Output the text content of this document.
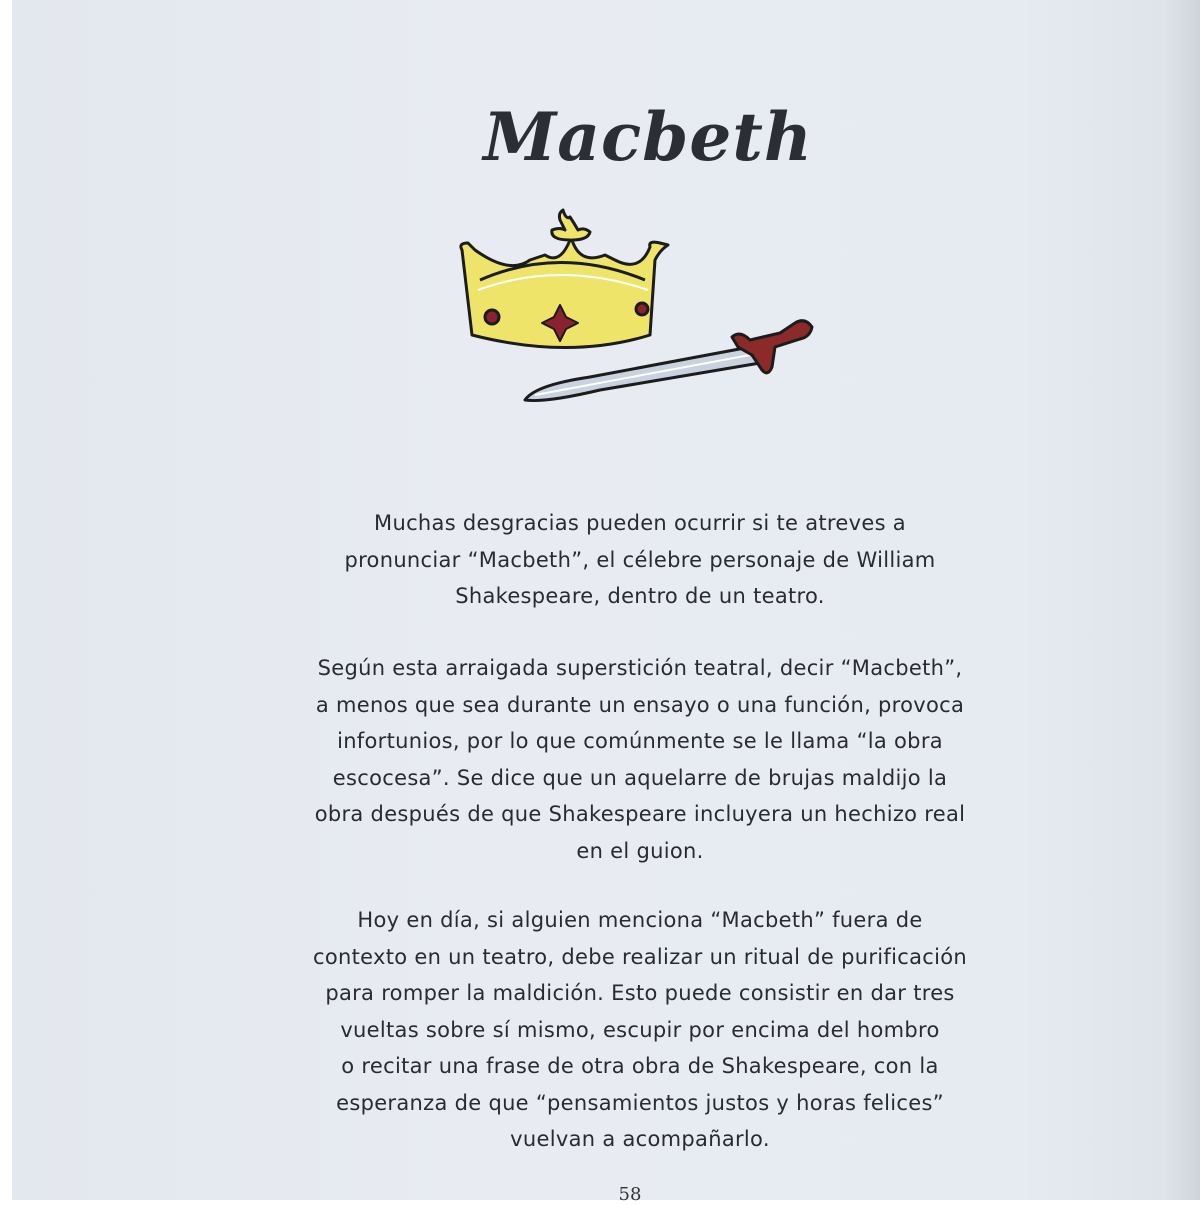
Macbeth
Muchas desgracias pueden ocurrir si te atreves a
pronunciar “Macbeth”, el célebre personaje de William
Shakespeare, dentro de un teatro.
Según esta arraigada superstición teatral, decir “Macbeth”,
a menos que sea durante un ensayo o una función, provoca
infortunios, por lo que comúnmente se le llama “la obra
escocesa”. Se dice que un aquelarre de brujas maldijo la
obra después de que Shakespeare incluyera un hechizo real
en el guion.
Hoy en día, si alguien menciona “Macbeth” fuera de
contexto en un teatro, debe realizar un ritual de purificación
para romper la maldición. Esto puede consistir en dar tres
vueltas sobre sí mismo, escupir por encima del hombro
o recitar una frase de otra obra de Shakespeare, con la
esperanza de que “pensamientos justos y horas felices”
vuelvan a acompañarlo.
58
